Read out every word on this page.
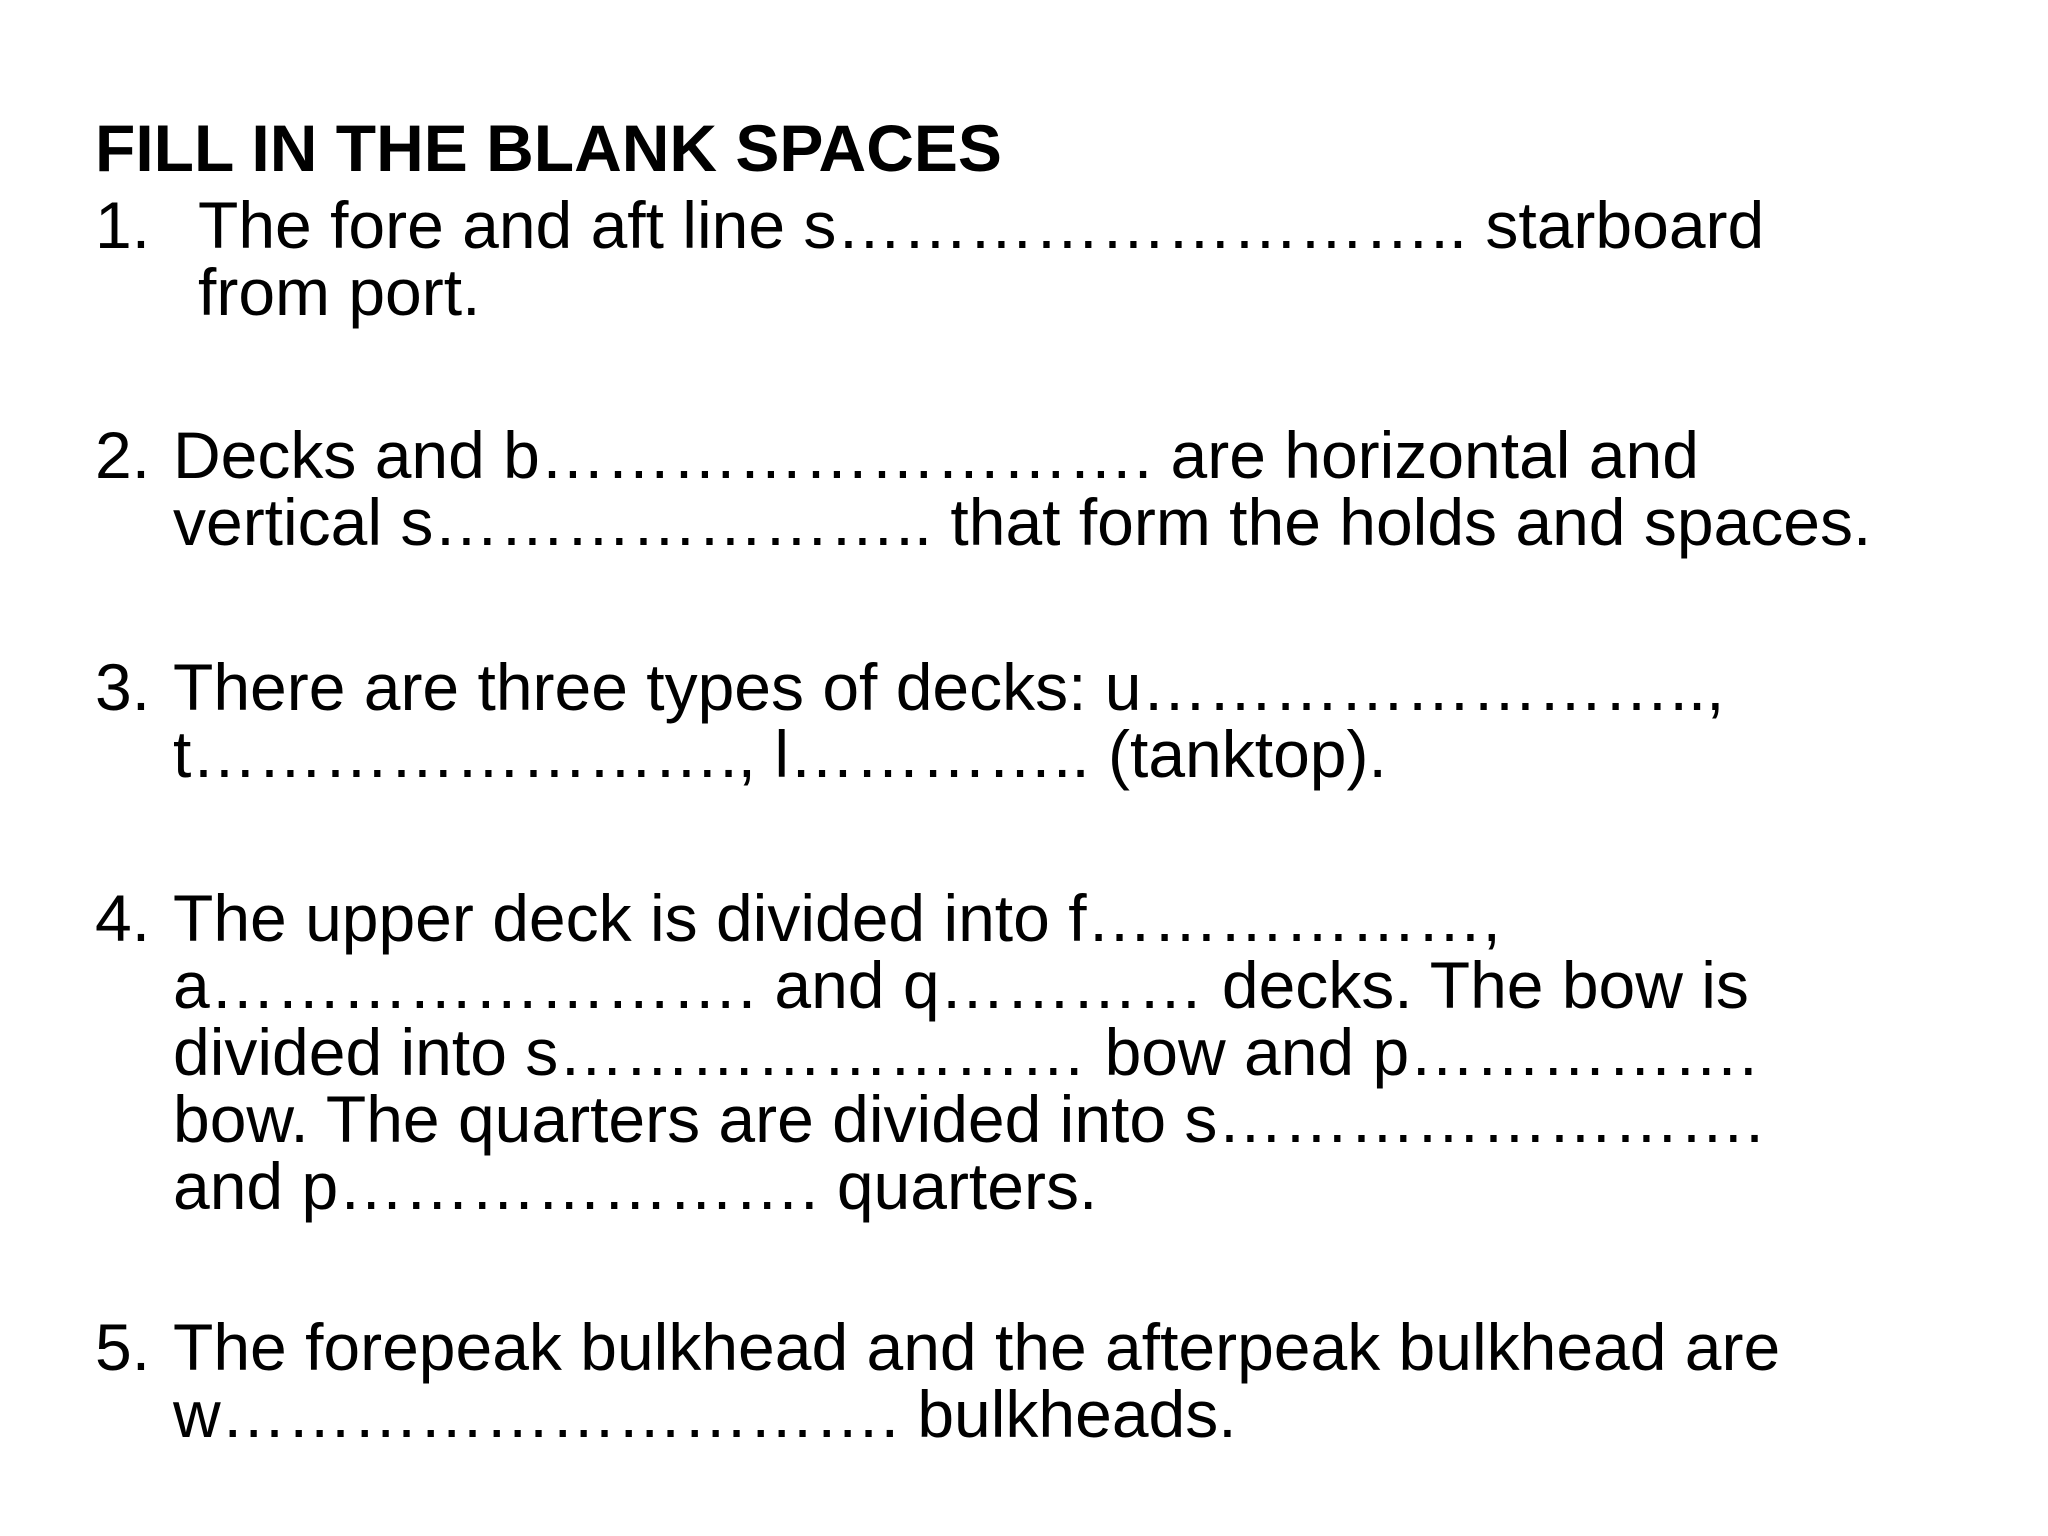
FILL IN THE BLANK SPACES
1. The fore and aft line s……………………….. starboard
from port.
2. Decks and b………………………. are horizontal and
vertical s………………….. that form the holds and spaces.
3. There are three types of decks: u……………………..,
t……………………., l………….. (tanktop).
4. The upper deck is divided into f………………,
a……………………. and q………… decks. The bow is
divided into s…………………… bow and p…………….
bow. The quarters are divided into s…………………….
and p…………………. quarters.
5. The forepeak bulkhead and the afterpeak bulkhead are
w…………………………. bulkheads.
